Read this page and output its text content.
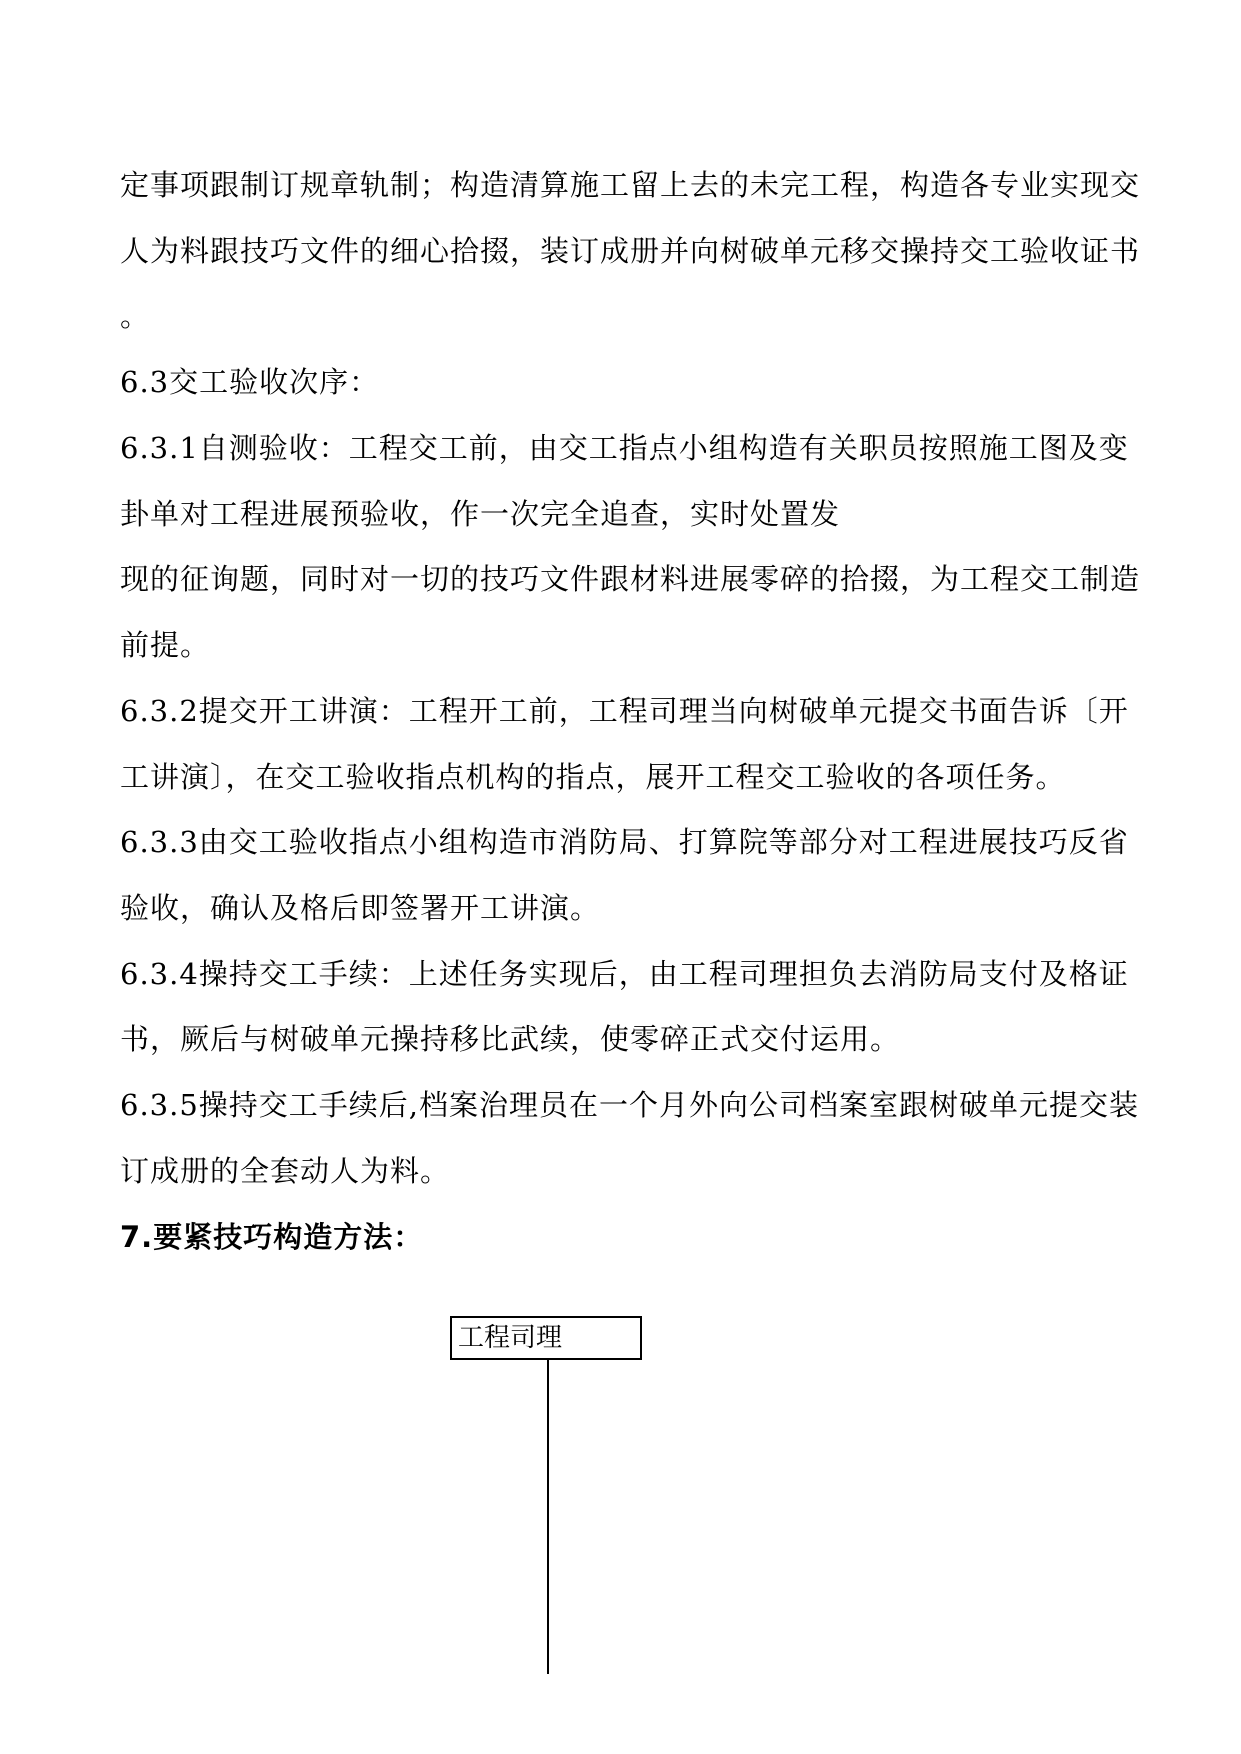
定事项跟制订规章轨制；构造清算施工留上去的未完工程，构造各专业实现交
人为料跟技巧文件的细心拾掇，装订成册并向树破单元移交操持交工验收证书
。
6.3交工验收次序：
6.3.1自测验收：工程交工前，由交工指点小组构造有关职员按照施工图及变
卦单对工程进展预验收，作一次完全追查，实时处置发
现的征询题，同时对一切的技巧文件跟材料进展零碎的拾掇，为工程交工制造
前提。
6.3.2提交开工讲演：工程开工前，工程司理当向树破单元提交书面告诉〔开
工讲演〕，在交工验收指点机构的指点，展开工程交工验收的各项任务。
6.3.3由交工验收指点小组构造市消防局、打算院等部分对工程进展技巧反省
验收，确认及格后即签署开工讲演。
6.3.4操持交工手续：上述任务实现后，由工程司理担负去消防局支付及格证
书，厥后与树破单元操持移比武续，使零碎正式交付运用。
6.3.5操持交工手续后,档案治理员在一个月外向公司档案室跟树破单元提交装
订成册的全套动人为料。
7.要紧技巧构造方法：
工程司理
